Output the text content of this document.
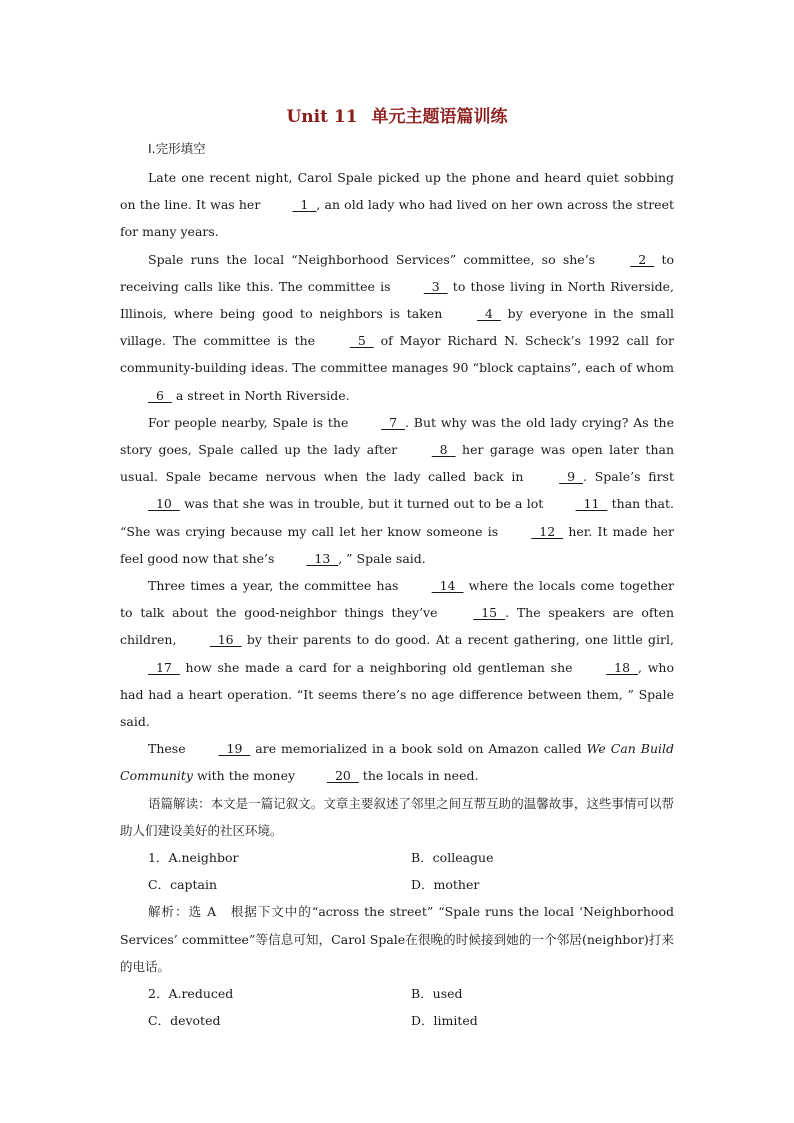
Unit 11 单元主题语篇训练
Ⅰ.完形填空

Late one recent night, Carol Spale picked up the phone and heard quiet sobbing on the line. It was her   1  , an old lady who had lived on her own across the street for many years.

Spale runs the local “Neighborhood Services” committee, so she’s   2   to receiving calls like this. The committee is   3   to those living in North Riverside, Illinois, where being good to neighbors is taken   4   by everyone in the small village. The committee is the   5   of Mayor Richard N. Scheck’s 1992 call for community-building ideas. The committee manages 90 “block captains”, each of whom   6   a street in North Riverside.

For people nearby, Spale is the   7  . But why was the old lady crying? As the story goes, Spale called up the lady after   8   her garage was open later than usual. Spale became nervous when the lady called back in   9  . Spale’s first   10   was that she was in trouble, but it turned out to be a lot   11   than that. “She was crying because my call let her know someone is   12   her. It made her feel good now that she’s   13  , ” Spale said.

Three times a year, the committee has   14   where the locals come together to talk about the good-neighbor things they’ve   15  . The speakers are often children,   16   by their parents to do good. At a recent gathering, one little girl,   17   how she made a card for a neighboring old gentleman she   18  , who had had a heart operation. “It seems there’s no age difference between them, ” Spale said.

These   19   are memorialized in a book sold on Amazon called We Can Build Community with the money   20   the locals in need.

语篇解读：本文是一篇记叙文。文章主要叙述了邻里之间互帮互助的温馨故事，这些事情可以帮助人们建设美好的社区环境。

1．A.neighbor	B．colleague
C．captain	D．mother

解析：选 A　根据下文中的“across the street” “Spale runs the local ‘Neighborhood Services’ committee”等信息可知，Carol Spale在很晚的时候接到她的一个邻居(neighbor)打来的电话。

2．A.reduced	B．used
C．devoted	D．limited
